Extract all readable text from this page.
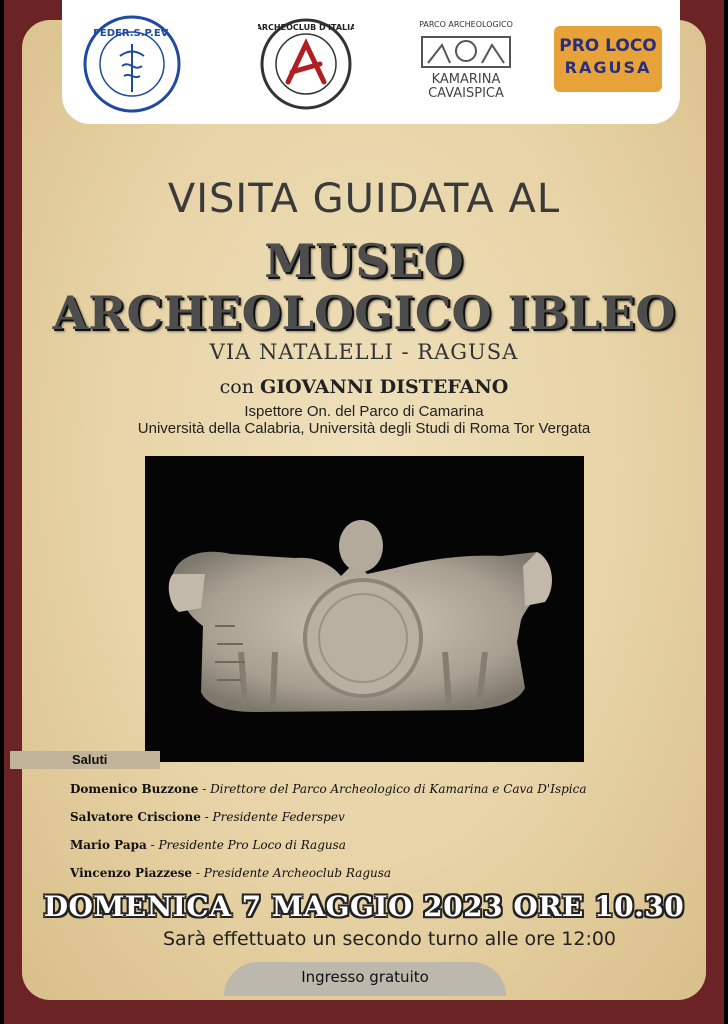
FEDER.S.P.EV.
ARCHEOCLUB D'ITALIA	PARCO ARCHEOLOGICO
KAMARINA
CAVAISPICA
PRO LOCO
RAGUSA
VISITA GUIDATA AL
MUSEO
ARCHEOLOGICO IBLEO
VIA NATALELLI - RAGUSA
con GIOVANNI DISTEFANO
Ispettore On. del Parco di Camarina
Università della Calabria, Università degli Studi di Roma Tor Vergata
Saluti
Domenico Buzzone - Direttore del Parco Archeologico di Kamarina e Cava D'Ispica
Salvatore Criscione - Presidente Federspev
Mario Papa - Presidente Pro Loco di Ragusa
Vincenzo Piazzese - Presidente Archeoclub Ragusa
DOMENICA 7 MAGGIO 2023 ORE 10.30
Sarà effettuato un secondo turno alle ore 12:00
Ingresso gratuito
